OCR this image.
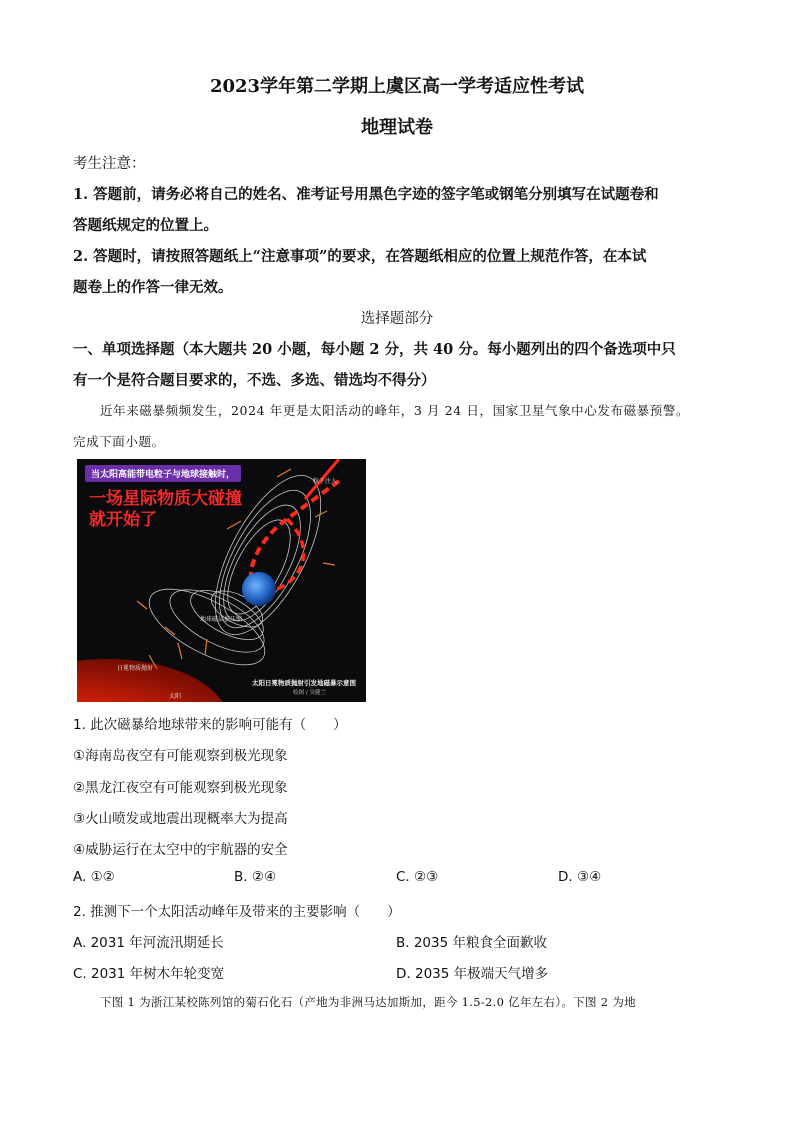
2023学年第二学期上虞区高一学考适应性考试
地理试卷
考生注意：
1. 答题前，请务必将自己的姓名、准考证号用黑色字迹的签字笔或钢笔分别填写在试题卷和
答题纸规定的位置上。
2. 答题时，请按照答题纸上“注意事项”的要求，在答题纸相应的位置上规范作答，在本试
题卷上的作答一律无效。
选择题部分
一、单项选择题（本大题共 20 小题，每小题 2 分，共 40 分。每小题列出的四个备选项中只
有一个是符合题目要求的，不选、多选、错选均不得分）
近年来磁暴频频发生，2024 年更是太阳活动的峰年，3 月 24 日，国家卫星气象中心发布磁暴预警。
完成下面小题。
当太阳高能带电粒子与地球接触时，
一场星际物质大碰撞
就开始了
粒子注入
地球磁层被压缩
日冕物质抛射
太阳
太阳日冕物质抛射引发地磁暴示意图
绘图 / 吴健兰
1. 此次磁暴给地球带来的影响可能有（　　）
①海南岛夜空有可能观察到极光现象
②黑龙江夜空有可能观察到极光现象
③火山喷发或地震出现概率大为提高
④威胁运行在太空中的宇航器的安全
A. ①②	B. ②④	C. ②③	D. ③④
2. 推测下一个太阳活动峰年及带来的主要影响（　　）
A. 2031 年河流汛期延长	B. 2035 年粮食全面歉收
C. 2031 年树木年轮变宽	D. 2035 年极端天气增多
下图 1 为浙江某校陈列馆的菊石化石（产地为非洲马达加斯加，距今 1.5-2.0 亿年左右）。下图 2 为地
